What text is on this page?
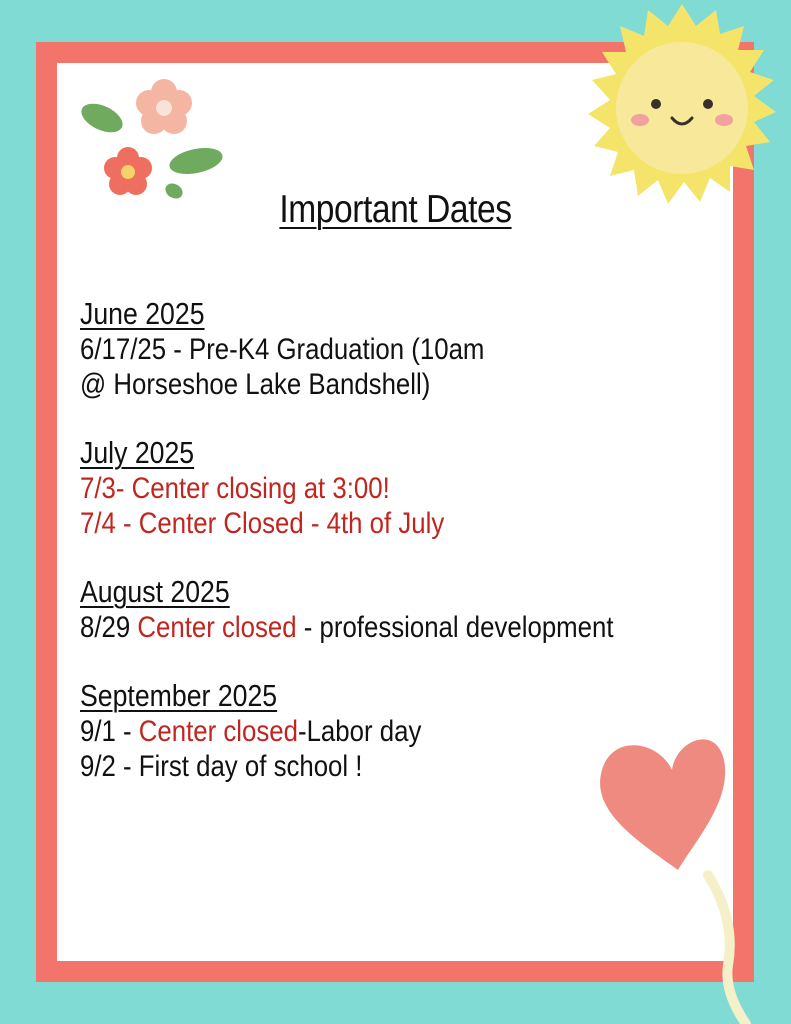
Important Dates
June 2025
6/17/25 - Pre-K4 Graduation (10am
@ Horseshoe Lake Bandshell)
July 2025
7/3- Center closing at 3:00!
7/4 - Center Closed - 4th of July
August 2025
8/29 Center closed - professional development
September 2025
9/1 - Center closed-Labor day
9/2 - First day of school !
